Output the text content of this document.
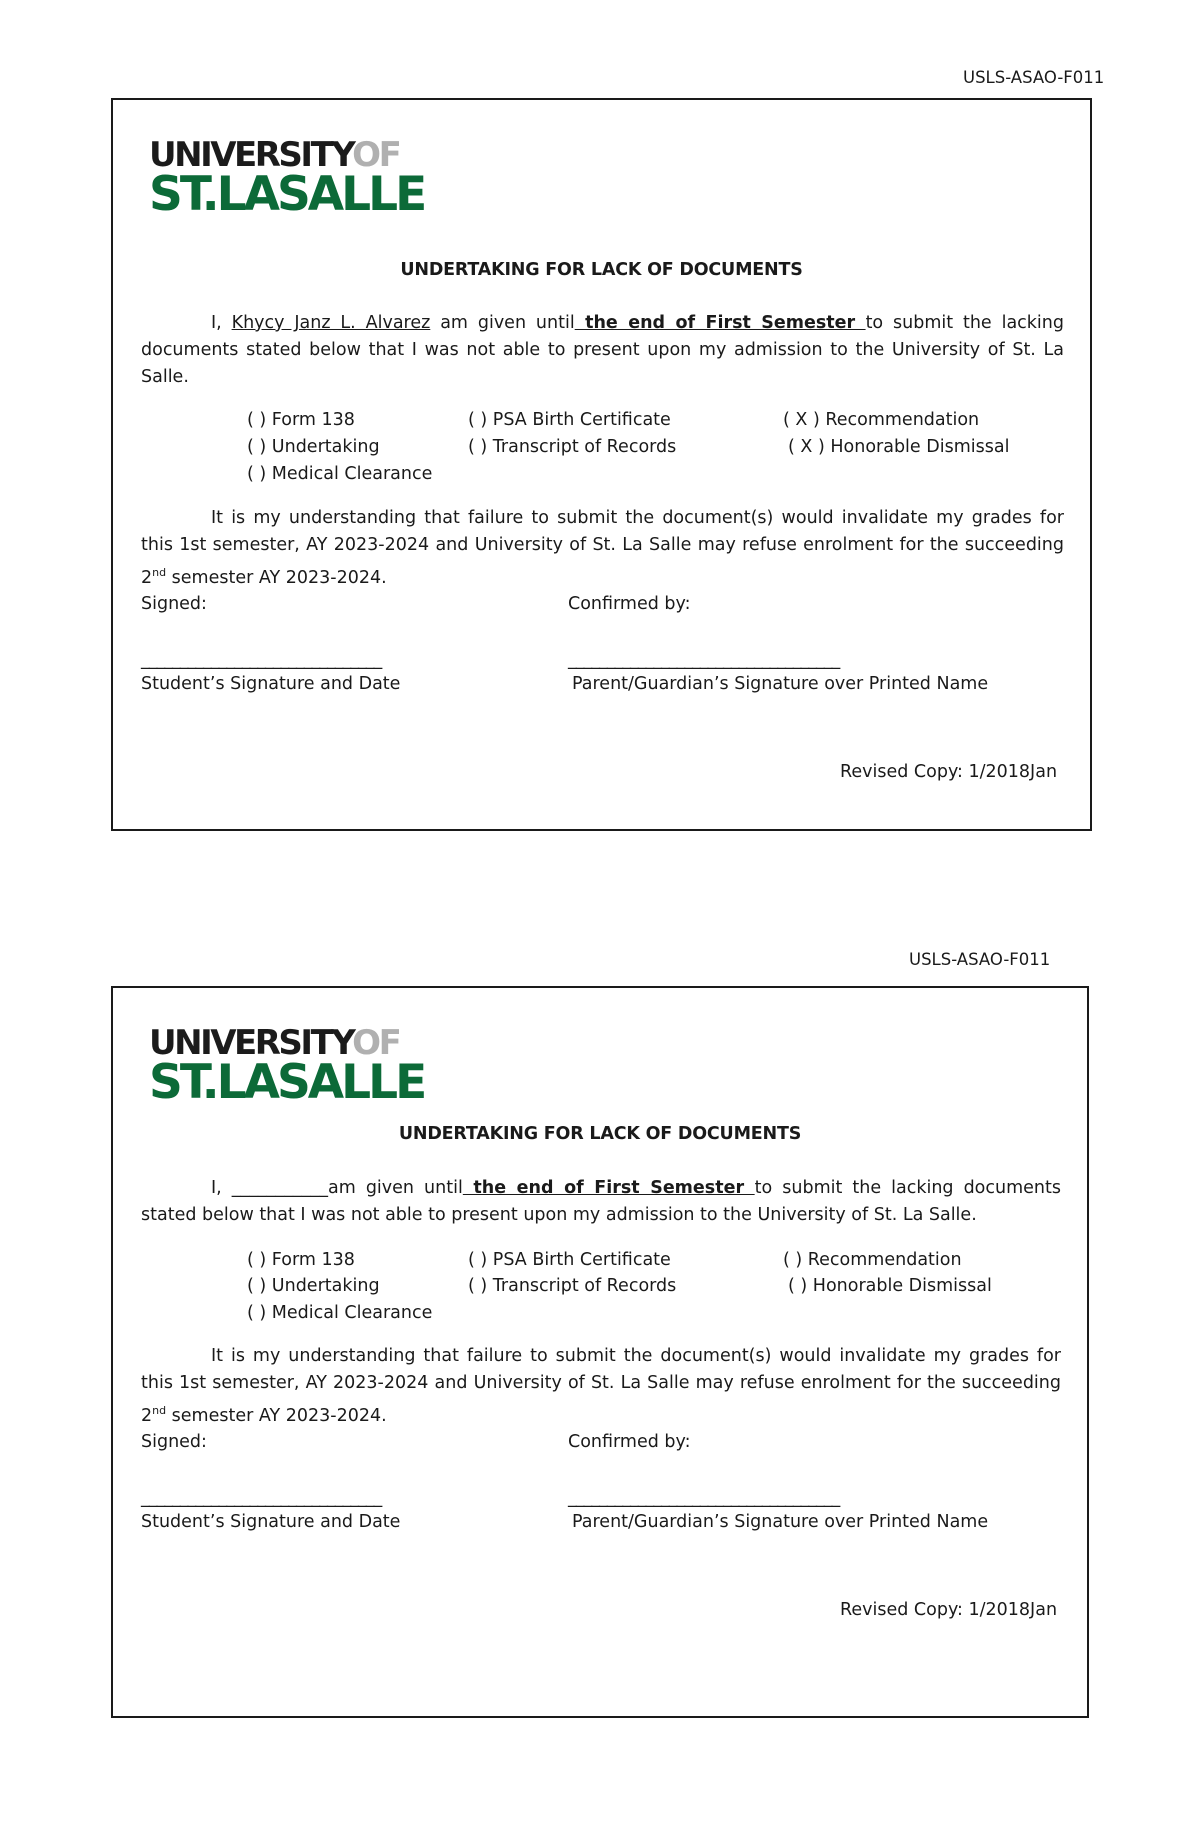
USLS-ASAO-F011
UNIVERSITYOF
ST.LASALLE
UNDERTAKING FOR LACK OF DOCUMENTS
I, Khycy Janz L. Alvarez am given until the end of First Semester to submit the lacking documents stated below that I was not able to present upon my admission to the University of St. La Salle.
( ) Form 138	( ) PSA Birth Certificate	( X ) Recommendation
( ) Undertaking	( ) Transcript of Records	( X ) Honorable Dismissal
( ) Medical Clearance
It is my understanding that failure to submit the document(s) would invalidate my grades for this 1st semester, AY 2023-2024 and University of St. La Salle may refuse enrolment for the succeeding 2nd semester AY 2023-2024.
Signed:	Confirmed by:
_______________________________	___________________________________
Student’s Signature and Date	Parent/Guardian’s Signature over Printed Name
Revised Copy: 1/2018Jan
USLS-ASAO-F011
UNIVERSITYOF
ST.LASALLE
UNDERTAKING FOR LACK OF DOCUMENTS
I, ___________am given until the end of First Semester to submit the lacking documents stated below that I was not able to present upon my admission to the University of St. La Salle.
( ) Form 138	( ) PSA Birth Certificate	( ) Recommendation
( ) Undertaking	( ) Transcript of Records	( ) Honorable Dismissal
( ) Medical Clearance
It is my understanding that failure to submit the document(s) would invalidate my grades for this 1st semester, AY 2023-2024 and University of St. La Salle may refuse enrolment for the succeeding 2nd semester AY 2023-2024.
Signed:	Confirmed by:
_______________________________	___________________________________
Student’s Signature and Date	Parent/Guardian’s Signature over Printed Name
Revised Copy: 1/2018Jan
